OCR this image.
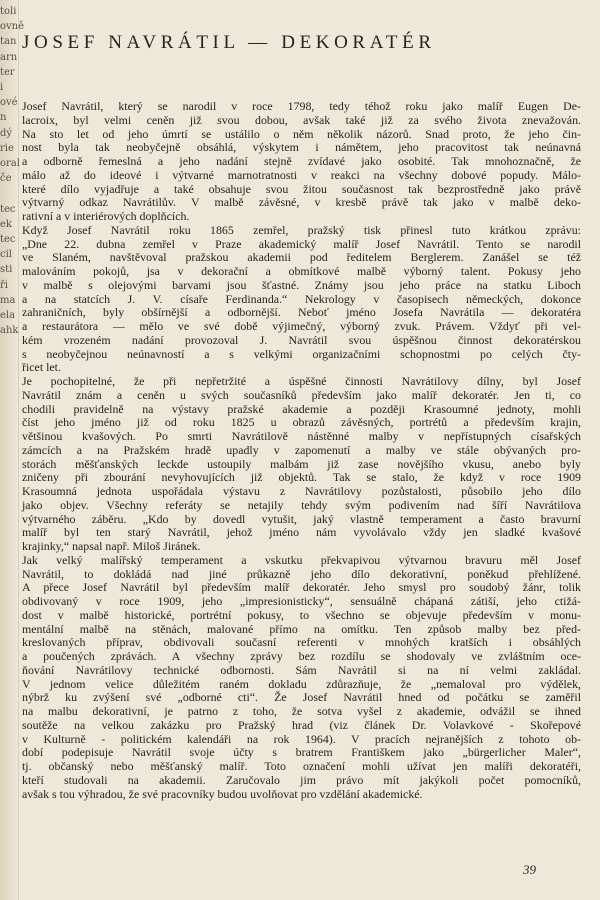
toli
ovně
tan
arn
ter
i
ové
n
dý
rie
oral
če
tec
ek
tec
cil
sti
ři
ma
ela
ahk
JOSEF NAVRÁTIL — DEKORATÉR
Josef Navrátil, který se narodil v roce 1798, tedy téhož roku jako malíř Eugen De-
lacroix, byl velmi ceněn již svou dobou, avšak také již za svého života znevažován.
Na sto let od jeho úmrtí se ustálilo o něm několik názorů. Snad proto, že jeho čin-
nost byla tak neobyčejně obsáhlá, výskytem i námětem, jeho pracovitost tak neúnavná
a odborně řemeslná a jeho nadání stejně zvídavé jako osobité. Tak mnohoznačně, že
málo až do ideové i výtvarné marnotratnosti v reakci na všechny dobové popudy. Málo-
které dílo vyjadřuje a také obsahuje svou žitou současnost tak bezprostředně jako právě
výtvarný odkaz Navrátilův. V malbě závěsné, v kresbě právě tak jako v malbě deko-
rativní a v interiérových doplňcích.
Když Josef Navrátil roku 1865 zemřel, pražský tisk přinesl tuto krátkou zprávu:
„Dne 22. dubna zemřel v Praze akademický malíř Josef Navrátil. Tento se narodil
ve Slaném, navštěvoval pražskou akademii pod ředitelem Berglerem. Zanášel se též
malováním pokojů, jsa v dekorační a obmítkové malbě výborný talent. Pokusy jeho
v malbě s olejovými barvami jsou šťastné. Známy jsou jeho práce na statku Liboch
a na statcích J. V. císaře Ferdinanda.“ Nekrology v časopisech německých, dokonce
zahraničních, byly obšírnější a odbornější. Neboť jméno Josefa Navrátila — dekoratéra
a restaurátora — mělo ve své době výjimečný, výborný zvuk. Právem. Vždyť při vel-
kém vrozeném nadání provozoval J. Navrátil svou úspěšnou činnost dekoratérskou
s neobyčejnou neúnavností a s velkými organizačními schopnostmi po celých čty-
řicet let.
Je pochopitelné, že při nepřetržité a úspěšné činnosti Navrátilovy dílny, byl Josef
Navrátil znám a ceněn u svých současníků především jako malíř dekoratér. Jen ti, co
chodili pravidelně na výstavy pražské akademie a později Krasoumné jednoty, mohli
číst jeho jméno již od roku 1825 u obrazů závěsných, portrétů a především krajin,
většinou kvašových. Po smrti Navrátilově nástěnné malby v nepřístupných císařských
zámcích a na Pražském hradě upadly v zapomenutí a malby ve stále obývaných pro-
storách měšťanských leckde ustoupily malbám již zase novějšího vkusu, anebo byly
zničeny při zbourání nevyhovujících již objektů. Tak se stalo, že když v roce 1909
Krasoumná jednota uspořádala výstavu z Navrátilovy pozůstalosti, působilo jeho dílo
jako objev. Všechny referáty se netajily tehdy svým podivením nad šíří Navrátilova
výtvarného záběru. „Kdo by dovedl vytušit, jaký vlastně temperament a často bravurní
malíř byl ten starý Navrátil, jehož jméno nám vyvolávalo vždy jen sladké kvašové
krajinky,“ napsal např. Miloš Jiránek.
Jak velký malířský temperament a vskutku překvapivou výtvarnou bravuru měl Josef
Navrátil, to dokládá nad jiné průkazně jeho dílo dekorativní, poněkud přehlížené.
A přece Josef Navrátil byl především malíř dekoratér. Jeho smysl pro soudobý žánr, tolik
obdivovaný v roce 1909, jeho „impresionisticky“, sensuálně chápaná zátiší, jeho ctižá-
dost v malbě historické, portrétní pokusy, to všechno se objevuje především v monu-
mentální malbě na stěnách, malované přímo na omítku. Ten způsob malby bez před-
kreslovaných příprav, obdivovali současní referenti v mnohých kratších i obsáhlých
a poučených zprávách. A všechny zprávy bez rozdílu se shodovaly ve zvláštním oce-
ňování Navrátilovy technické odbornosti. Sám Navrátil si na ní velmi zakládal.
V jednom velice důležitém raném dokladu zdůrazňuje, že „nemaloval pro výdělek,
nýbrž ku zvýšení své „odborné cti“. Že Josef Navrátil hned od počátku se zaměřil
na malbu dekorativní, je patrno z toho, že sotva vyšel z akademie, odvážil se ihned
soutěže na velkou zakázku pro Pražský hrad (viz článek Dr. Volavkové - Skořepové
v Kulturně - politickém kalendáři na rok 1964). V pracích nejranějších z tohoto ob-
dobí podepisuje Navrátil svoje účty s bratrem Františkem jako „bürgerlicher Maler“,
tj. občanský nebo měšťanský malíř. Toto označení mohli užívat jen malíři dekoratéři,
kteří studovali na akademii. Zaručovalo jim právo mít jakýkoli počet pomocníků,
avšak s tou výhradou, že své pracovníky budou uvolňovat pro vzdělání akademické.
39
